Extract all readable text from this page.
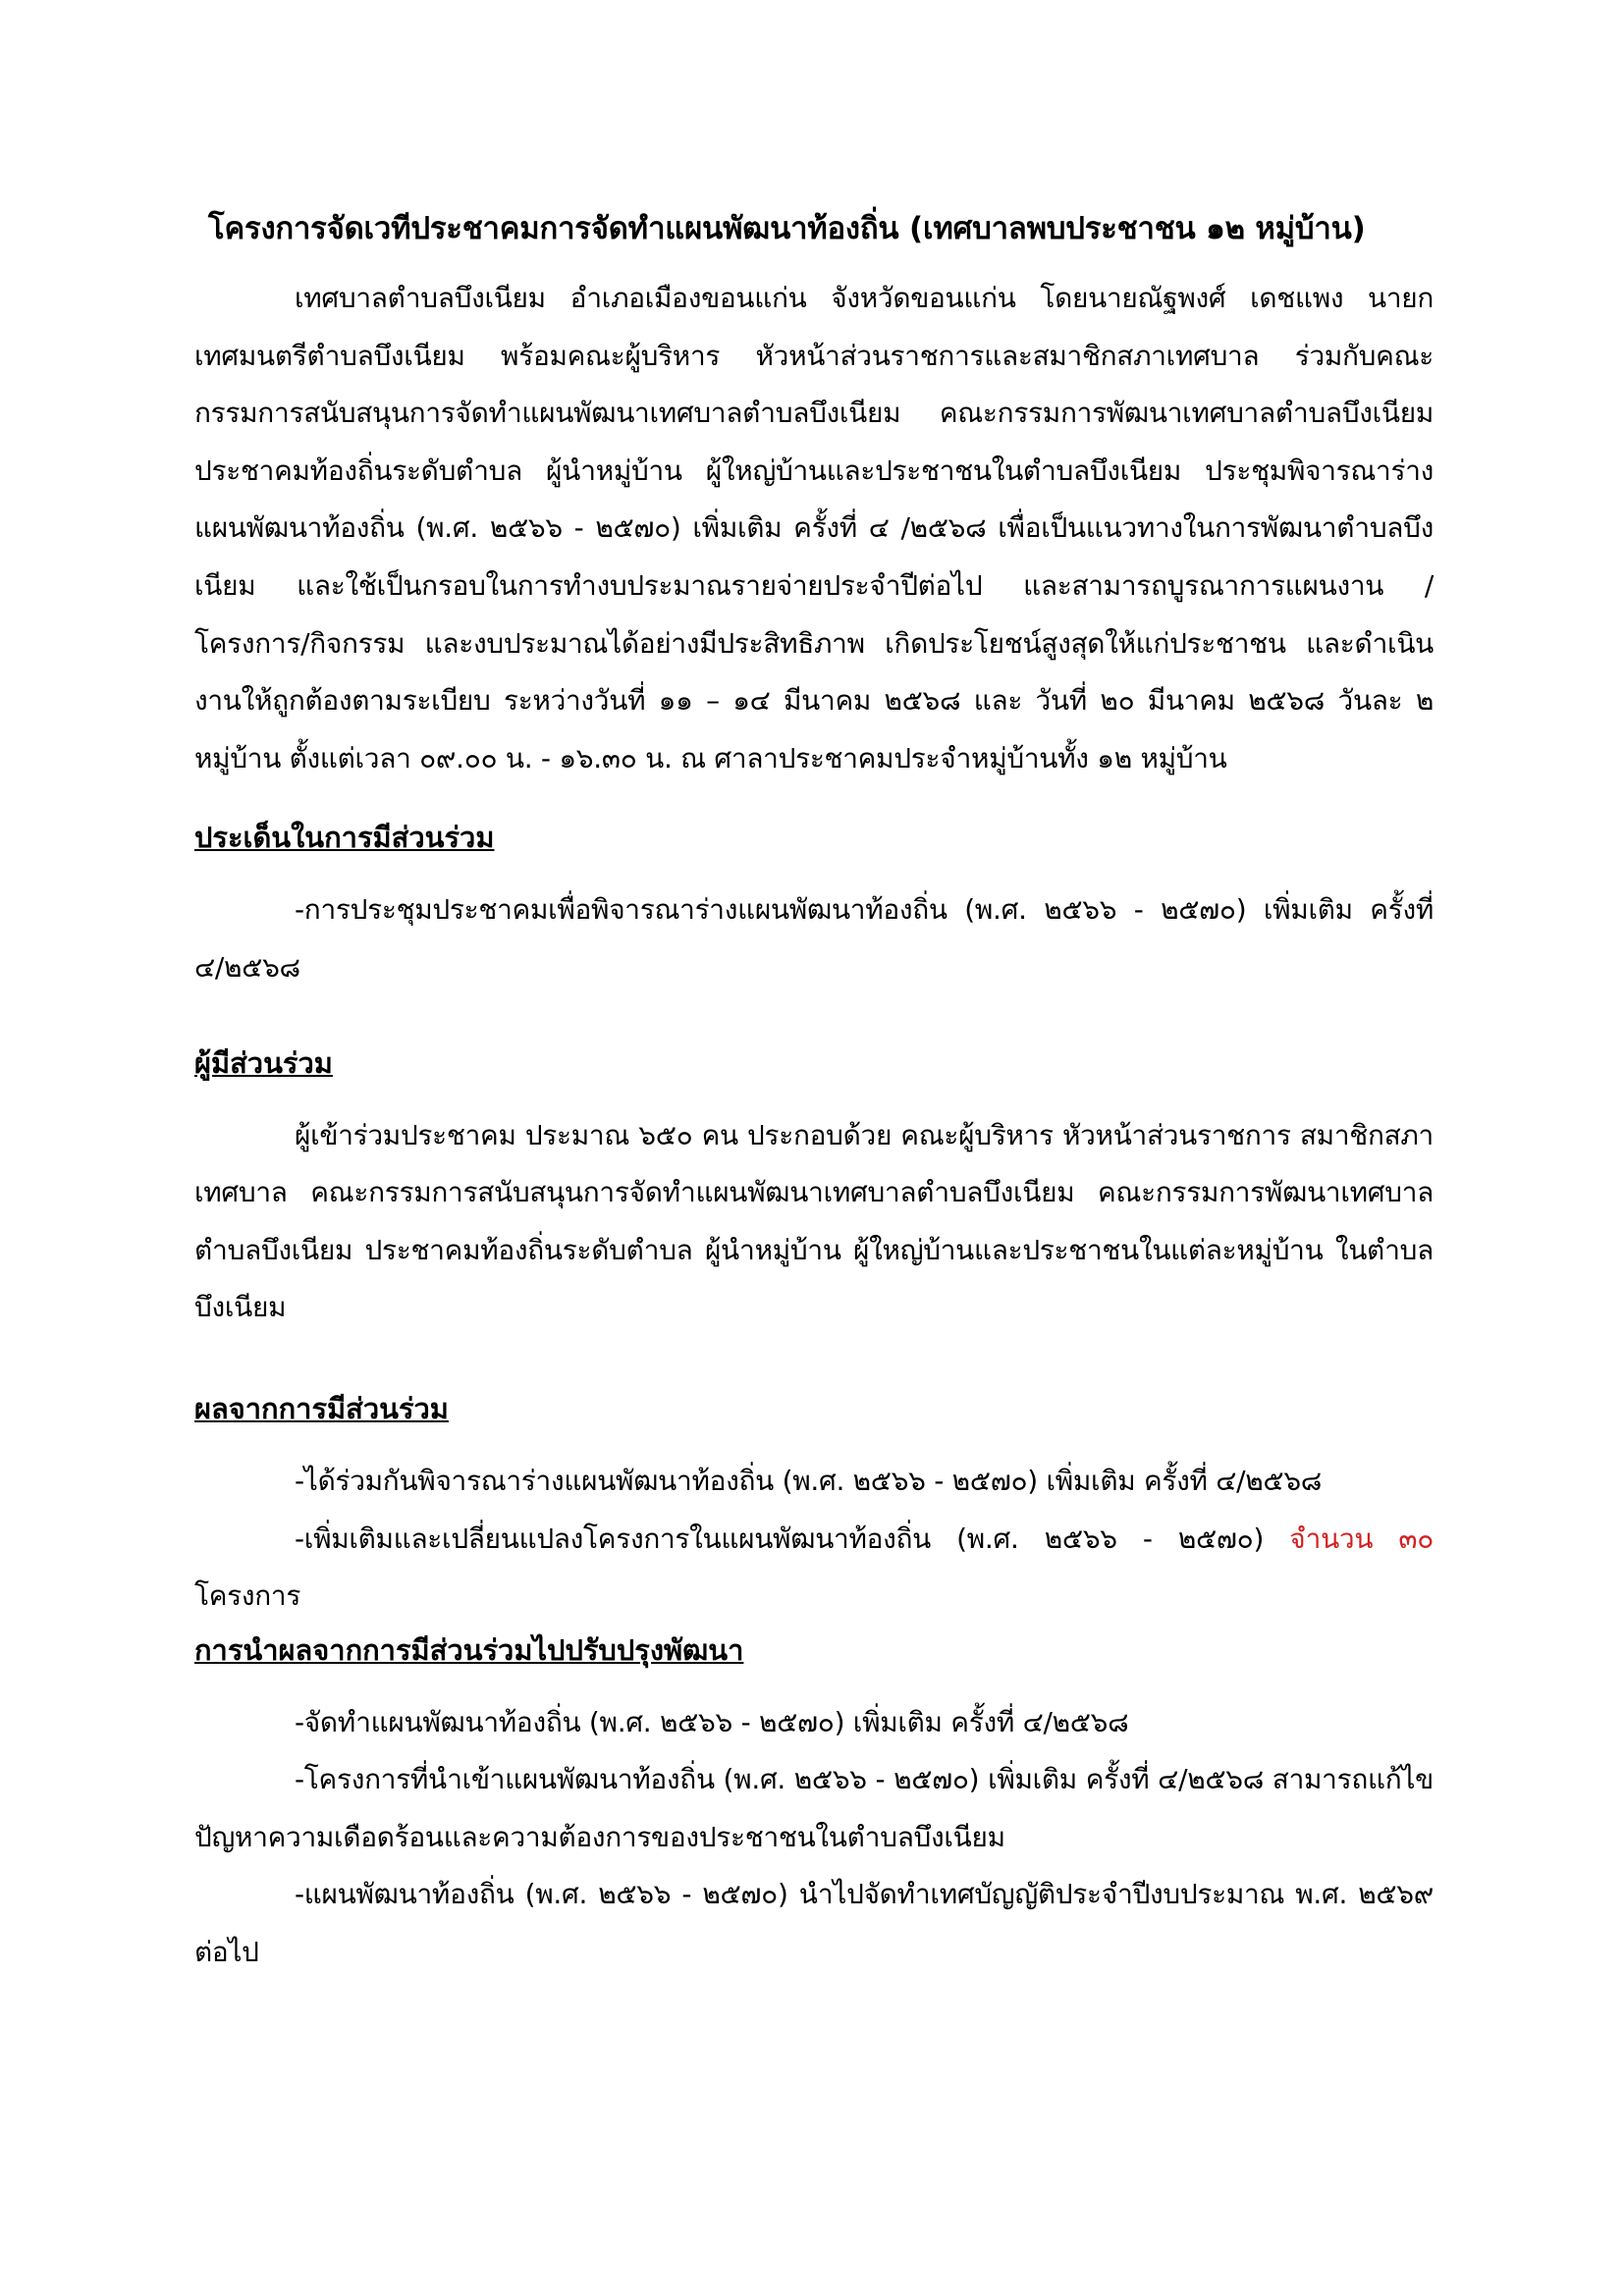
โครงการจัดเวทีประชาคมการจัดทำแผนพัฒนาท้องถิ่น (เทศบาลพบประชาชน ๑๒ หมู่บ้าน)

เทศบาลตำบลบึงเนียม อำเภอเมืองขอนแก่น จังหวัดขอนแก่น โดยนายณัฐพงศ์ เดชแพง นายกเทศมนตรีตำบลบึงเนียม พร้อมคณะผู้บริหาร หัวหน้าส่วนราชการและสมาชิกสภาเทศบาล ร่วมกับคณะกรรมการสนับสนุนการจัดทำแผนพัฒนาเทศบาลตำบลบึงเนียม คณะกรรมการพัฒนาเทศบาลตำบลบึงเนียม ประชาคมท้องถิ่นระดับตำบล ผู้นำหมู่บ้าน ผู้ใหญ่บ้านและประชาชนในตำบลบึงเนียม ประชุมพิจารณาร่างแผนพัฒนาท้องถิ่น (พ.ศ. ๒๕๖๖ - ๒๕๗๐) เพิ่มเติม ครั้งที่ ๔ /๒๕๖๘ เพื่อเป็นแนวทางในการพัฒนาตำบลบึงเนียม และใช้เป็นกรอบในการทำงบประมาณรายจ่ายประจำปีต่อไป และสามารถบูรณาการแผนงาน / โครงการ/กิจกรรม และงบประมาณได้อย่างมีประสิทธิภาพ เกิดประโยชน์สูงสุดให้แก่ประชาชน และดำเนินงานให้ถูกต้องตามระเบียบ ระหว่างวันที่ ๑๑ – ๑๔ มีนาคม ๒๕๖๘ และ วันที่ ๒๐ มีนาคม ๒๕๖๘ วันละ ๒ หมู่บ้าน ตั้งแต่เวลา ๐๙.๐๐ น. - ๑๖.๓๐ น. ณ ศาลาประชาคมประจำหมู่บ้านทั้ง ๑๒ หมู่บ้าน

ประเด็นในการมีส่วนร่วม

-การประชุมประชาคมเพื่อพิจารณาร่างแผนพัฒนาท้องถิ่น (พ.ศ. ๒๕๖๖ - ๒๕๗๐) เพิ่มเติม ครั้งที่ ๔/๒๕๖๘

ผู้มีส่วนร่วม

ผู้เข้าร่วมประชาคม ประมาณ ๖๕๐ คน ประกอบด้วย คณะผู้บริหาร หัวหน้าส่วนราชการ สมาชิกสภาเทศบาล คณะกรรมการสนับสนุนการจัดทำแผนพัฒนาเทศบาลตำบลบึงเนียม คณะกรรมการพัฒนาเทศบาลตำบลบึงเนียม ประชาคมท้องถิ่นระดับตำบล ผู้นำหมู่บ้าน ผู้ใหญ่บ้านและประชาชนในแต่ละหมู่บ้าน ในตำบลบึงเนียม

ผลจากการมีส่วนร่วม

-ได้ร่วมกันพิจารณาร่างแผนพัฒนาท้องถิ่น (พ.ศ. ๒๕๖๖ - ๒๕๗๐) เพิ่มเติม ครั้งที่ ๔/๒๕๖๘

-เพิ่มเติมและเปลี่ยนแปลงโครงการในแผนพัฒนาท้องถิ่น (พ.ศ. ๒๕๖๖ - ๒๕๗๐) จำนวน ๓๐ โครงการ

การนำผลจากการมีส่วนร่วมไปปรับปรุงพัฒนา

-จัดทำแผนพัฒนาท้องถิ่น (พ.ศ. ๒๕๖๖ - ๒๕๗๐) เพิ่มเติม ครั้งที่ ๔/๒๕๖๘

-โครงการที่นำเข้าแผนพัฒนาท้องถิ่น (พ.ศ. ๒๕๖๖ - ๒๕๗๐) เพิ่มเติม ครั้งที่ ๔/๒๕๖๘ สามารถแก้ไขปัญหาความเดือดร้อนและความต้องการของประชาชนในตำบลบึงเนียม

-แผนพัฒนาท้องถิ่น (พ.ศ. ๒๕๖๖ - ๒๕๗๐) นำไปจัดทำเทศบัญญัติประจำปีงบประมาณ พ.ศ. ๒๕๖๙ ต่อไป
